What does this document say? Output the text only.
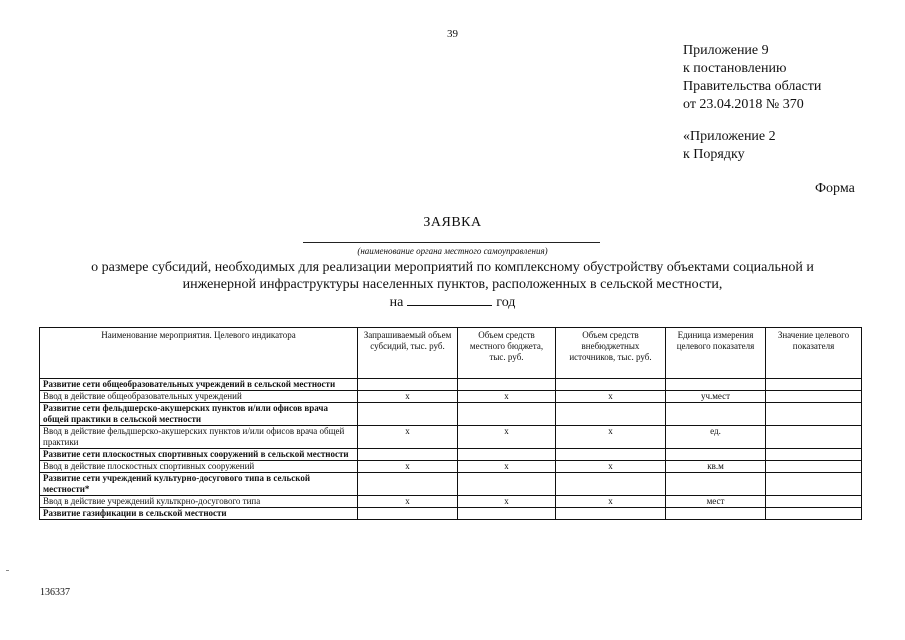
39
Приложение 9
к постановлению
Правительства области
от 23.04.2018 № 370
«Приложение 2
к Порядку
Форма
ЗАЯВКА
(наименование органа местного самоуправления)
о размере субсидий, необходимых для реализации мероприятий по комплексному обустройству объектами социальной и
инженерной инфраструктуры населенных пунктов, расположенных в сельской местности,
на	год
Наименование мероприятия. Целевого индикатора	Запрашиваемый объем субсидий, тыс. руб.	Объем средств местного бюджета, тыс. руб.	Объем средств внебюджетных источников, тыс. руб.	Единица измерения целевого показателя	Значение целевого показателя
Развитие сети общеобразовательных учреждений в сельской местности					
Ввод в действие общеобразовательных учреждений	x	x	x	уч.мест	
Развитие сети фельдшерско-акушерских пунктов и/или офисов врача общей практики в сельской местности					
Ввод в действие фельдшерско-акушерских пунктов и/или офисов врача общей практики	x	x	x	ед.	
Развитие сети плоскостных спортивных сооружений в сельской местности					
Ввод в действие плоскостных спортивных сооружений	x	x	x	кв.м	
Развитие сети учреждений культурно-досугового типа в сельской местности*					
Ввод в действие учреждений культкрно-досугового типа	x	x	x	мест	
Развитие газификации в сельской местности					
136337
